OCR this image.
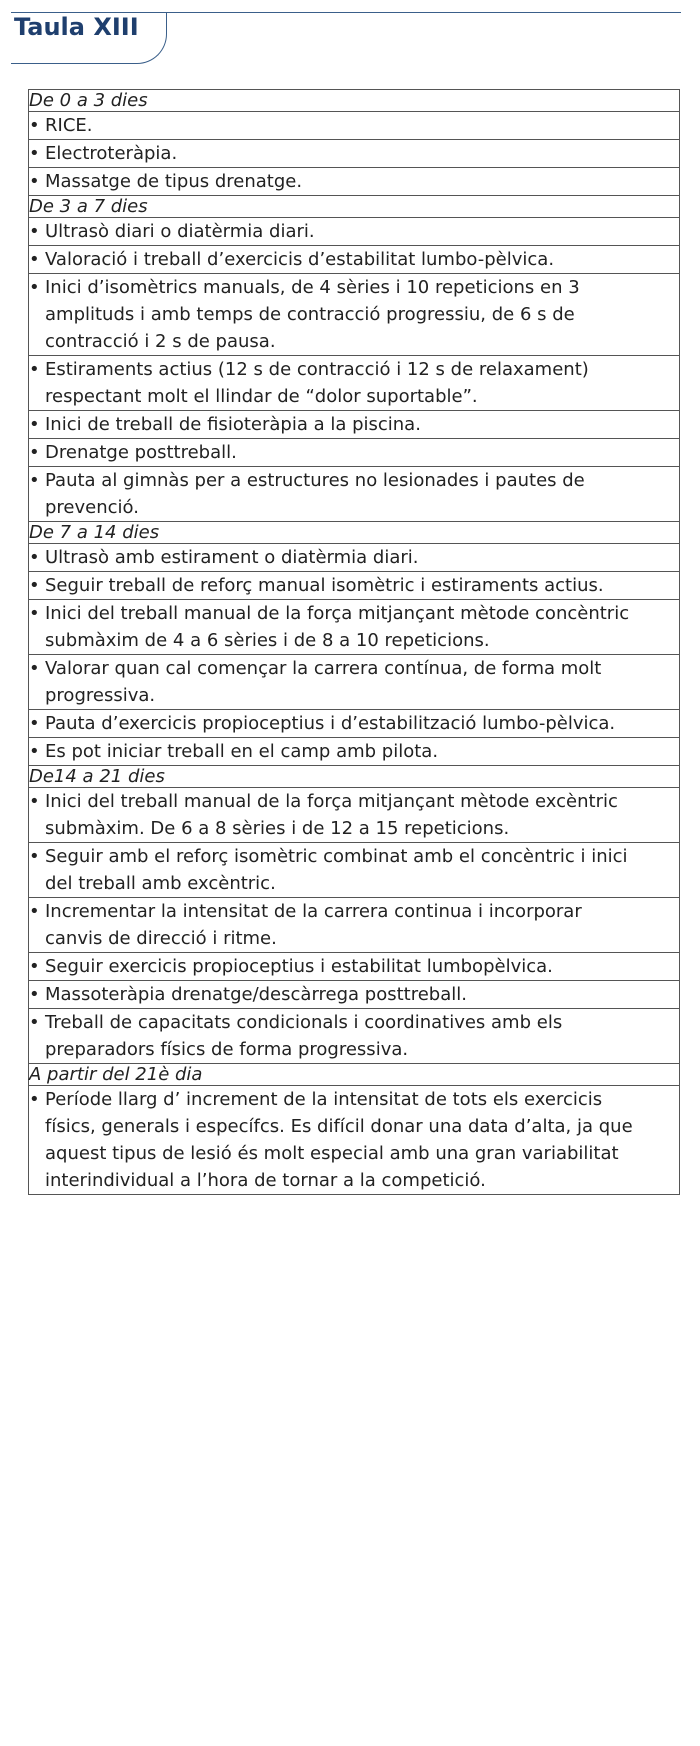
Taula XIII
De 0 a 3 dies
• RICE.
• Electroteràpia.
• Massatge de tipus drenatge.
De 3 a 7 dies
• Ultrasò diari o diatèrmia diari.
• Valoració i treball d’exercicis d’estabilitat lumbo-pèlvica.
• Inici d’isomètrics manuals, de 4 sèries i 10 repeticions en 3 amplituds i amb temps de contracció progressiu, de 6 s de contracció i 2 s de pausa.
• Estiraments actius (12 s de contracció i 12 s de relaxament) respectant molt el llindar de “dolor suportable”.
• Inici de treball de fisioteràpia a la piscina.
• Drenatge posttreball.
• Pauta al gimnàs per a estructures no lesionades i pautes de prevenció.
De 7 a 14 dies
• Ultrasò amb estirament o diatèrmia diari.
• Seguir treball de reforç manual isomètric i estiraments actius.
• Inici del treball manual de la força mitjançant mètode concèntric submàxim de 4 a 6 sèries i de 8 a 10 repeticions.
• Valorar quan cal començar la carrera contínua, de forma molt progressiva.
• Pauta d’exercicis propioceptius i d’estabilització lumbo-pèlvica.
• Es pot iniciar treball en el camp amb pilota.
De14 a 21 dies
• Inici del treball manual de la força mitjançant mètode excèntric submàxim. De 6 a 8 sèries i de 12 a 15 repeticions.
• Seguir amb el reforç isomètric combinat amb el concèntric i inici del treball amb excèntric.
• Incrementar la intensitat de la carrera continua i incorporar canvis de direcció i ritme.
• Seguir exercicis propioceptius i estabilitat lumbopèlvica.
• Massoteràpia drenatge/descàrrega posttreball.
• Treball de capacitats condicionals i coordinatives amb els preparadors físics de forma progressiva.
A partir del 21è dia
• Període llarg d’ increment de la intensitat de tots els exercicis físics, generals i específcs. Es difícil donar una data d’alta, ja que aquest tipus de lesió és molt especial amb una gran variabilitat interindividual a l’hora de tornar a la competició.
